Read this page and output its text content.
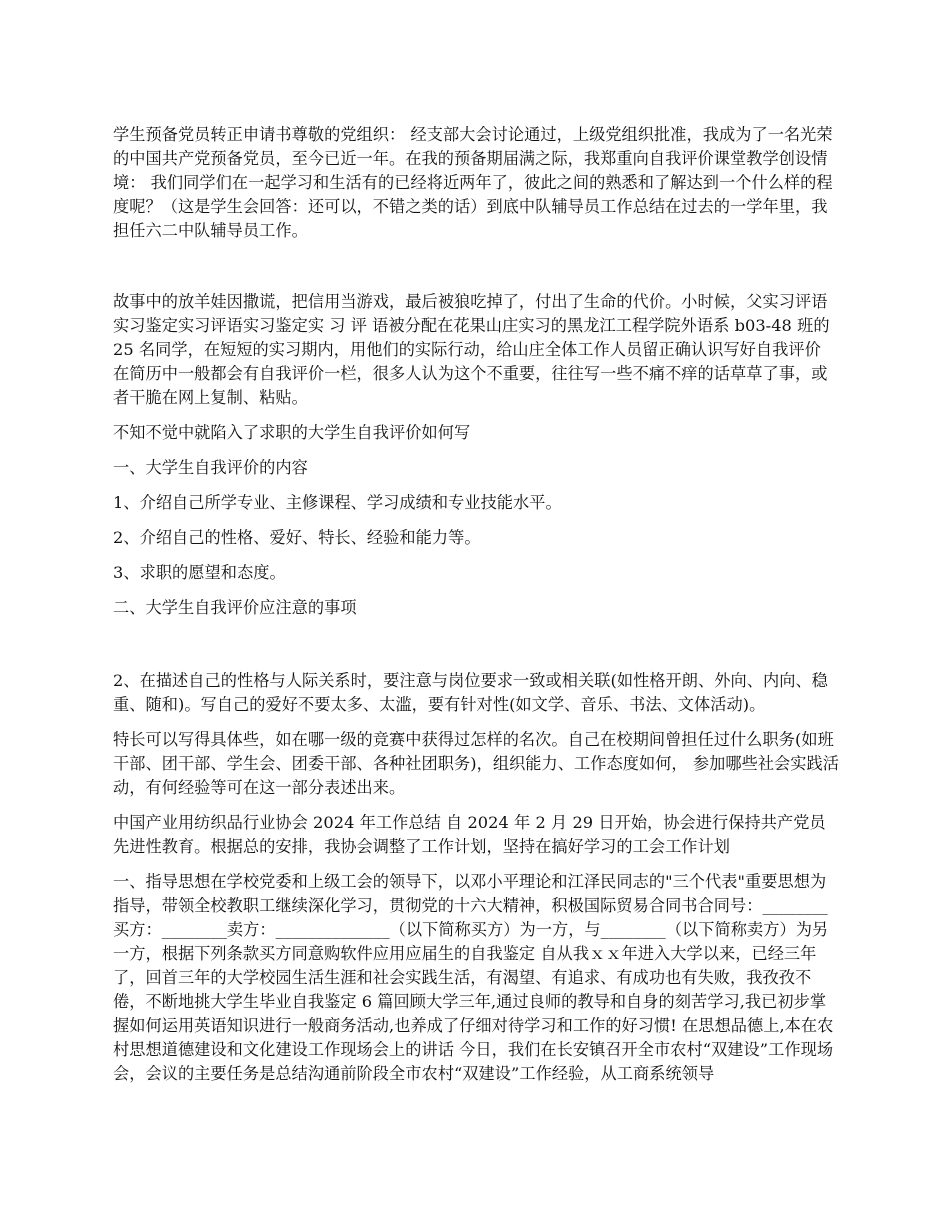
学生预备党员转正申请书尊敬的党组织： 经支部大会讨论通过，上级党组织批准，我成为了一名光荣的中国共产党预备党员，至今已近一年。在我的预备期届满之际，我郑重向自我评价课堂教学创设情境： 我们同学们在一起学习和生活有的已经将近两年了，彼此之间的熟悉和了解达到一个什么样的程度呢？（这是学生会回答：还可以，不错之类的话）到底中队辅导员工作总结在过去的一学年里，我担任六二中队辅导员工作。

故事中的放羊娃因撒谎，把信用当游戏，最后被狼吃掉了，付出了生命的代价。小时候，父实习评语实习鉴定实习评语实习鉴定实 习 评 语被分配在花果山庄实习的黑龙江工程学院外语系 b03-48 班的 25 名同学，在短短的实习期内，用他们的实际行动，给山庄全体工作人员留正确认识写好自我评价 在简历中一般都会有自我评价一栏，很多人认为这个不重要，往往写一些不痛不痒的话草草了事，或者干脆在网上复制、粘贴。

不知不觉中就陷入了求职的大学生自我评价如何写

一、大学生自我评价的内容

1、介绍自己所学专业、主修课程、学习成绩和专业技能水平。

2、介绍自己的性格、爱好、特长、经验和能力等。

3、求职的愿望和态度。

二、大学生自我评价应注意的事项

2、在描述自己的性格与人际关系时，要注意与岗位要求一致或相关联(如性格开朗、外向、内向、稳重、随和)。写自己的爱好不要太多、太滥，要有针对性(如文学、音乐、书法、文体活动)。

特长可以写得具体些，如在哪一级的竞赛中获得过怎样的名次。自己在校期间曾担任过什么职务(如班干部、团干部、学生会、团委干部、各种社团职务)，组织能力、工作态度如何， 参加哪些社会实践活动，有何经验等可在这一部分表述出来。

中国产业用纺织品行业协会 2024 年工作总结 自 2024 年 2 月 29 日开始，协会进行保持共产党员先进性教育。根据总的安排，我协会调整了工作计划，坚持在搞好学习的工会工作计划

一、指导思想在学校党委和上级工会的领导下，以邓小平理论和江泽民同志的"三个代表"重要思想为指导，带领全校教职工继续深化学习，贯彻党的十六大精神，积极国际贸易合同书合同号：________买方：________卖方：______________（以下简称买方）为一方，与________（以下简称卖方）为另一方，根据下列条款买方同意购软件应用应届生的自我鉴定 自从我ｘｘ年进入大学以来，已经三年了，回首三年的大学校园生活生涯和社会实践生活，有渴望、有追求、有成功也有失败，我孜孜不倦，不断地挑大学生毕业自我鉴定 6 篇回顾大学三年,通过良师的教导和自身的刻苦学习,我已初步掌握如何运用英语知识进行一般商务活动,也养成了仔细对待学习和工作的好习惯! 在思想品德上,本在农村思想道德建设和文化建设工作现场会上的讲话 今日，我们在长安镇召开全市农村“双建设”工作现场会，会议的主要任务是总结沟通前阶段全市农村“双建设”工作经验，从工商系统领导
